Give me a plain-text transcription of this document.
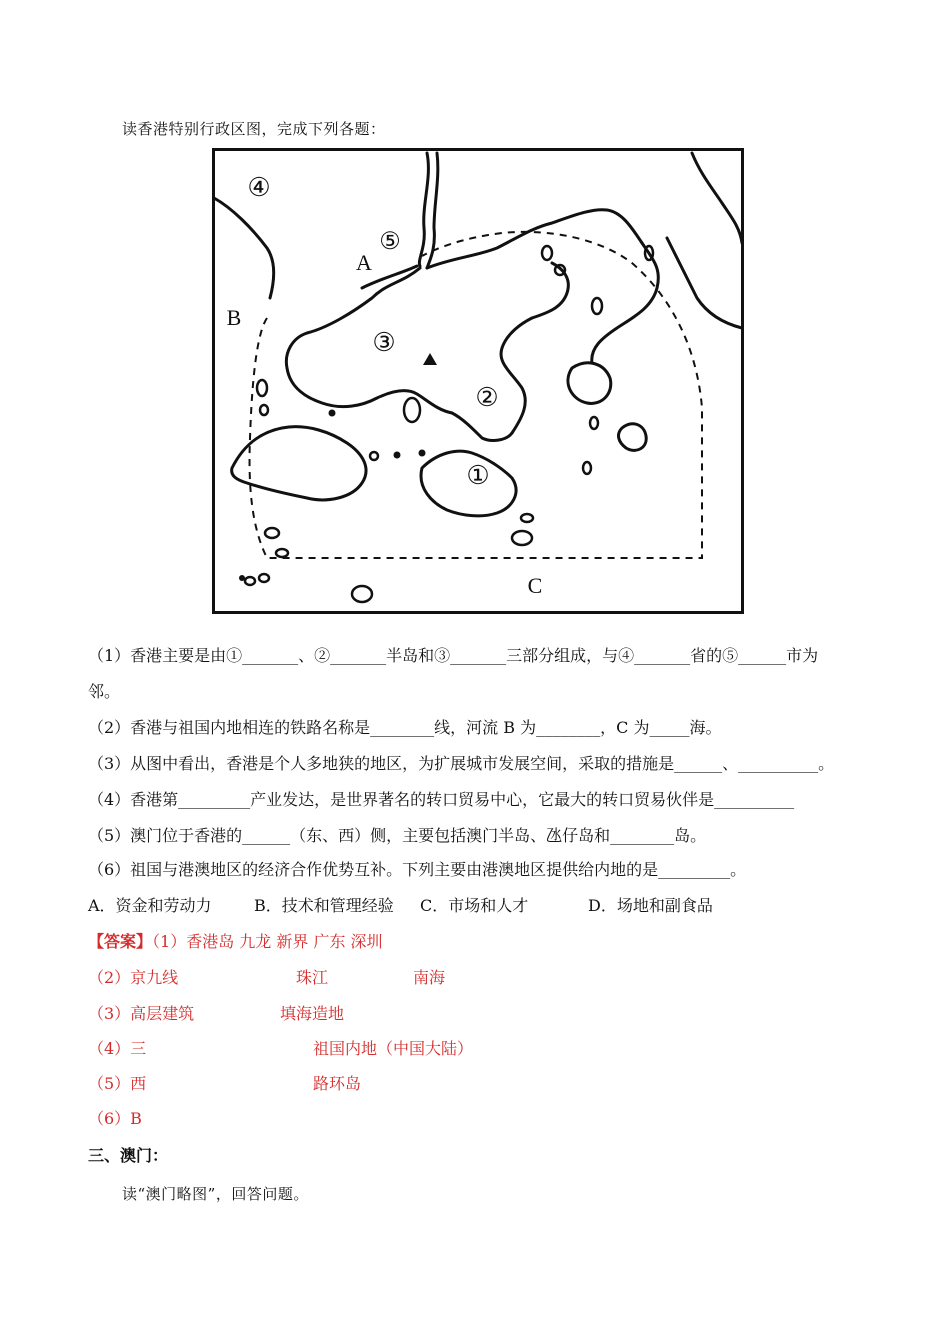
读香港特别行政区图，完成下列各题：
④
⑤
A
B
③
②
①
C
（1）香港主要是由①_______、②_______半岛和③_______三部分组成，与④_______省的⑤______市为
邻。
（2）香港与祖国内地相连的铁路名称是________线，河流 B 为________，C 为_____海。
（3）从图中看出，香港是个人多地狭的地区，为扩展城市发展空间，采取的措施是______、__________。
（4）香港第_________产业发达，是世界著名的转口贸易中心，它最大的转口贸易伙伴是__________
（5）澳门位于香港的______（东、西）侧，主要包括澳门半岛、氹仔岛和________岛。
（6）祖国与港澳地区的经济合作优势互补。下列主要由港澳地区提供给内地的是_________。
A．资金和劳动力	B．技术和管理经验 C．市场和人才	D．场地和副食品
【答案】（1）香港岛 九龙 新界 广东 深圳
（2）京九线	珠江	南海
（3）高层建筑	填海造地
（4）三	祖国内地（中国大陆）
（5）西	路环岛
（6）B
三、澳门：
读“澳门略图”，回答问题。
